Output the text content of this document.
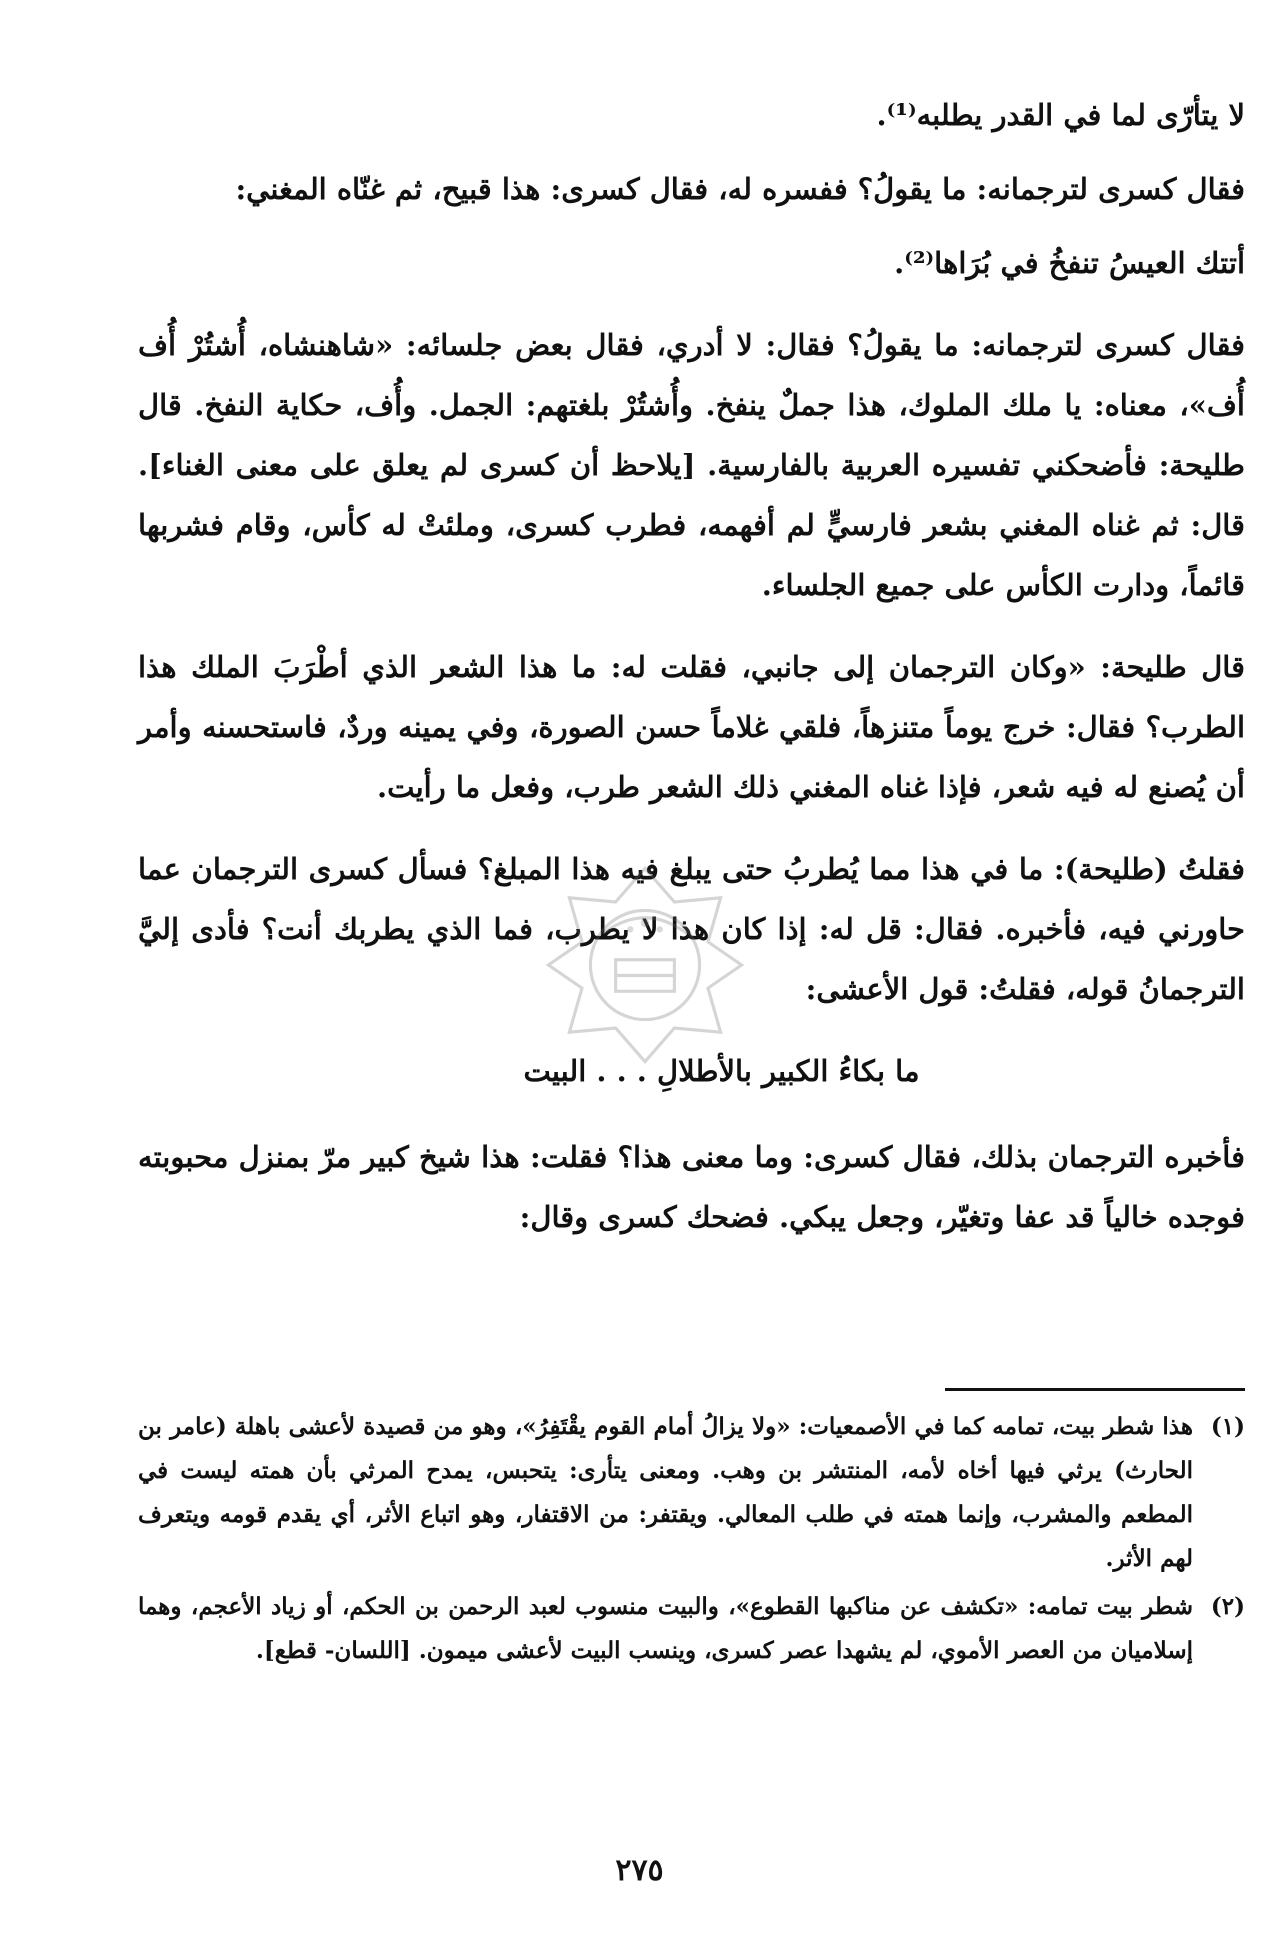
لا يتأرّى لما في القدر يطلبه⁽¹⁾.

فقال كسرى لترجمانه: ما يقولُ؟ ففسره له، فقال كسرى: هذا قبيح، ثم غنّاه المغني:

أتتك العيسُ تنفخُ في بُرَاها⁽²⁾.

فقال كسرى لترجمانه: ما يقولُ؟ فقال: لا أدري، فقال بعض جلسائه: «شاهنشاه، أُشتُرْ أُف أُف»، معناه: يا ملك الملوك، هذا جملٌ ينفخ. وأُشتُرْ بلغتهم: الجمل. وأُف، حكاية النفخ. قال طليحة: فأضحكني تفسيره العربية بالفارسية. [يلاحظ أن كسرى لم يعلق على معنى الغناء]. قال: ثم غناه المغني بشعر فارسيٍّ لم أفهمه، فطرب كسرى، وملئتْ له كأس، وقام فشربها قائماً، ودارت الكأس على جميع الجلساء.

قال طليحة: «وكان الترجمان إلى جانبي، فقلت له: ما هذا الشعر الذي أطْرَبَ الملك هذا الطرب؟ فقال: خرج يوماً متنزهاً، فلقي غلاماً حسن الصورة، وفي يمينه وردٌ، فاستحسنه وأمر أن يُصنع له فيه شعر، فإذا غناه المغني ذلك الشعر طرب، وفعل ما رأيت.

فقلتُ (طليحة): ما في هذا مما يُطربُ حتى يبلغ فيه هذا المبلغ؟ فسأل كسرى الترجمان عما حاورني فيه، فأخبره. فقال: قل له: إذا كان هذا لا يطرب، فما الذي يطربك أنت؟ فأدى إليَّ الترجمانُ قوله، فقلتُ: قول الأعشى:

ما بكاءُ الكبير بالأطلالِ . . . البيت

فأخبره الترجمان بذلك، فقال كسرى: وما معنى هذا؟ فقلت: هذا شيخ كبير مرّ بمنزل محبوبته فوجده خالياً قد عفا وتغيّر، وجعل يبكي. فضحك كسرى وقال:

(١)
هذا شطر بيت، تمامه كما في الأصمعيات: «ولا يزالُ أمام القوم يقْتَفِرُ»، وهو من قصيدة لأعشى باهلة (عامر بن الحارث) يرثي فيها أخاه لأمه، المنتشر بن وهب. ومعنى يتأرى: يتحبس، يمدح المرثي بأن همته ليست في المطعم والمشرب، وإنما همته في طلب المعالي. ويقتفر: من الاقتفار، وهو اتباع الأثر، أي يقدم قومه ويتعرف لهم الأثر.
(٢)
شطر بيت تمامه: «تكشف عن مناكبها القطوع»، والبيت منسوب لعبد الرحمن بن الحكم، أو زياد الأعجم، وهما إسلاميان من العصر الأموي، لم يشهدا عصر كسرى، وينسب البيت لأعشى ميمون. [اللسان- قطع].
٢٧٥
